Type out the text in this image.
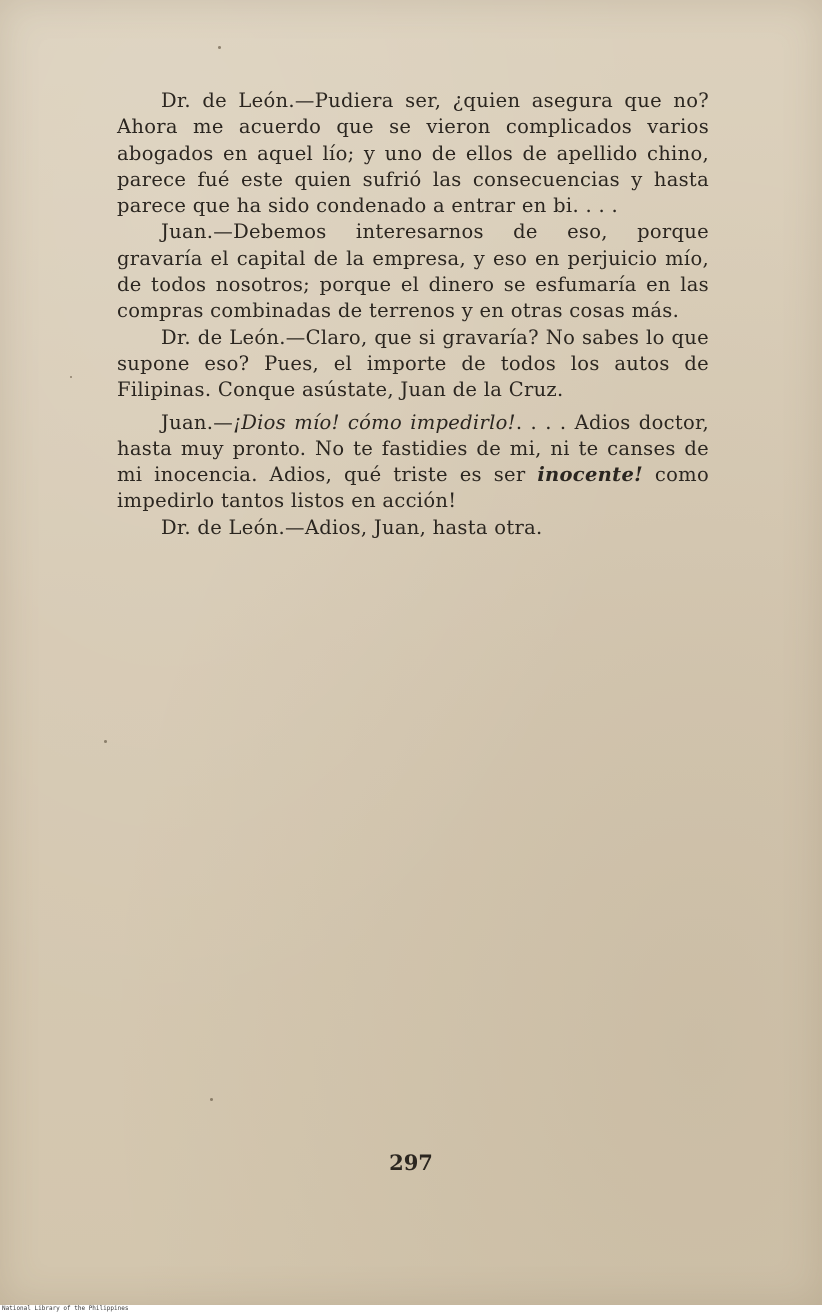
Dr. de León.—Pudiera ser, ¿quien asegura que no? Ahora me acuerdo que se vieron complicados varios abogados en aquel lío; y uno de ellos de apellido chino, parece fué este quien sufrió las consecuencias y hasta parece que ha sido condenado a entrar en bi. . . .

Juan.—Debemos interesarnos de eso, porque gravaría el capital de la empresa, y eso en perjuicio mío, de todos nosotros; porque el dinero se esfumaría en las compras combinadas de terrenos y en otras cosas más.

Dr. de León.—Claro, que si gravaría? No sabes lo que supone eso? Pues, el importe de todos los autos de Filipinas. Conque asústate, Juan de la Cruz.

Juan.—¡Dios mío! cómo impedirlo!. . . . Adios doctor, hasta muy pronto. No te fastidies de mi, ni te canses de mi inocencia. Adios, qué triste es ser inocente! como impedirlo tantos listos en acción!

Dr. de León.—Adios, Juan, hasta otra.

297
National Library of the Philippines
